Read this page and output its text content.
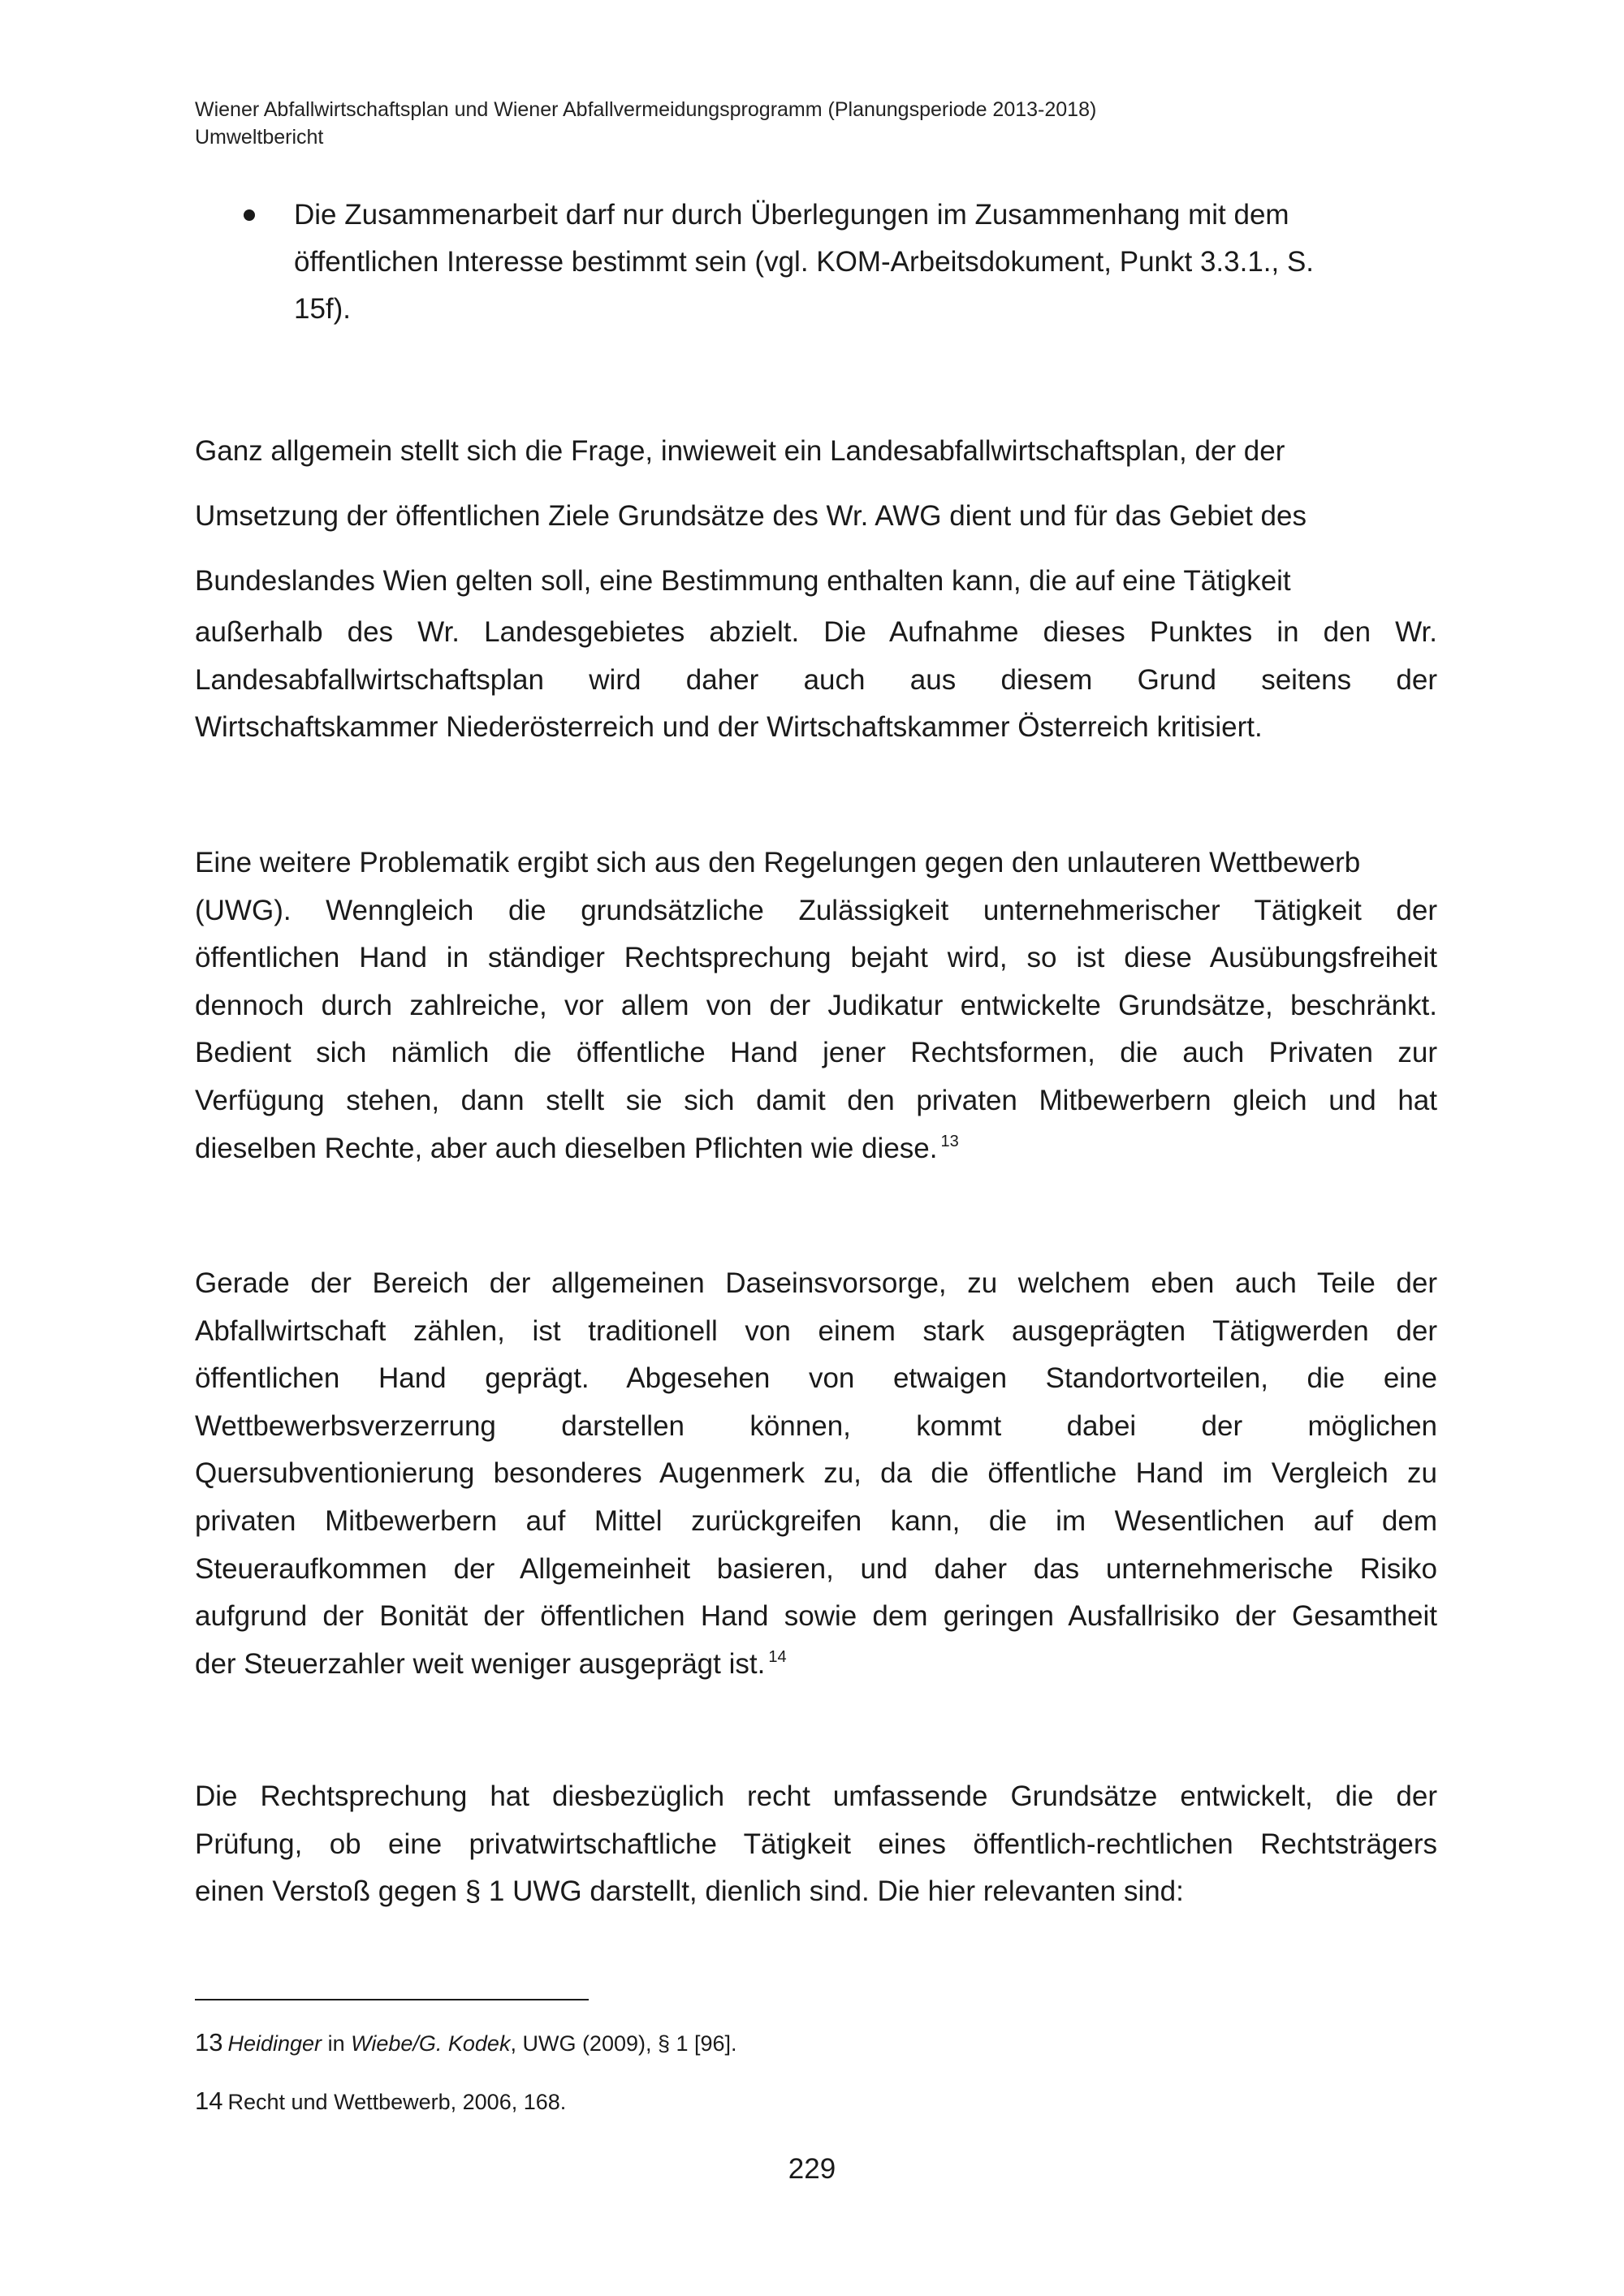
Wiener Abfallwirtschaftsplan und Wiener Abfallvermeidungsprogramm (Planungsperiode 2013-2018)
Umweltbericht
Die Zusammenarbeit darf nur durch Überlegungen im Zusammenhang mit dem
öffentlichen Interesse bestimmt sein (vgl. KOM-Arbeitsdokument, Punkt 3.3.1., S.
15f).
Ganz allgemein stellt sich die Frage, inwieweit ein Landesabfallwirtschaftsplan, der der
Umsetzung der öffentlichen Ziele Grundsätze des Wr. AWG dient und für das Gebiet des
Bundeslandes Wien gelten soll, eine Bestimmung enthalten kann, die auf eine Tätigkeit
außerhalb des Wr. Landesgebietes abzielt. Die Aufnahme dieses Punktes in den Wr.
Landesabfallwirtschaftsplan wird daher auch aus diesem Grund seitens der
Wirtschaftskammer Niederösterreich und der Wirtschaftskammer Österreich kritisiert.
Eine weitere Problematik ergibt sich aus den Regelungen gegen den unlauteren Wettbewerb
(UWG). Wenngleich die grundsätzliche Zulässigkeit unternehmerischer Tätigkeit der
öffentlichen Hand in ständiger Rechtsprechung bejaht wird, so ist diese Ausübungsfreiheit
dennoch durch zahlreiche, vor allem von der Judikatur entwickelte Grundsätze, beschränkt.
Bedient sich nämlich die öffentliche Hand jener Rechtsformen, die auch Privaten zur
Verfügung stehen, dann stellt sie sich damit den privaten Mitbewerbern gleich und hat
dieselben Rechte, aber auch dieselben Pflichten wie diese. $^{13}$
Gerade der Bereich der allgemeinen Daseinsvorsorge, zu welchem eben auch Teile der
Abfallwirtschaft zählen, ist traditionell von einem stark ausgeprägten Tätigwerden der
öffentlichen Hand geprägt. Abgesehen von etwaigen Standortvorteilen, die eine
Wettbewerbsverzerrung darstellen können, kommt dabei der möglichen
Quersubventionierung besonderes Augenmerk zu, da die öffentliche Hand im Vergleich zu
privaten Mitbewerbern auf Mittel zurückgreifen kann, die im Wesentlichen auf dem
Steueraufkommen der Allgemeinheit basieren, und daher das unternehmerische Risiko
aufgrund der Bonität der öffentlichen Hand sowie dem geringen Ausfallrisiko der Gesamtheit
der Steuerzahler weit weniger ausgeprägt ist. $^{14}$
Die Rechtsprechung hat diesbezüglich recht umfassende Grundsätze entwickelt, die der
Prüfung, ob eine privatwirtschaftliche Tätigkeit eines öffentlich-rechtlichen Rechtsträgers
einen Verstoß gegen § 1 UWG darstellt, dienlich sind. Die hier relevanten sind:
13 Heidinger in Wiebe/G. Kodek, UWG (2009), § 1 [96].
14 Recht und Wettbewerb, 2006, 168.
229
